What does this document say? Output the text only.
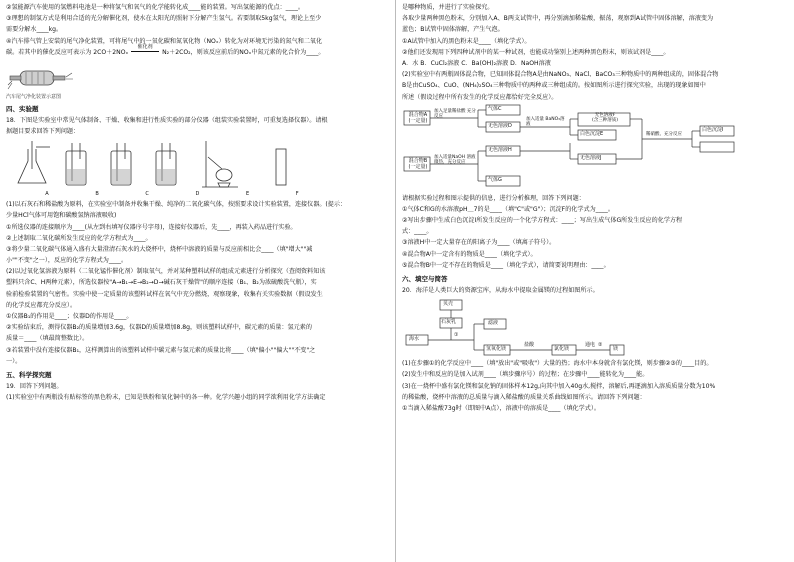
②氢能源汽车使用的氢燃料电池是一种将氢气和氧气的化学能转化成____能的装置。写出氢能源的优点：____。
③理想的制氢方式是利用合适的光分解催化剂，使水在太阳光的照射下分解产生氢气。若要制取5kg氢气，理论上至少
需要分解水____kg。
④汽车排气管上安装的尾气净化装置，可将尾气中的一氧化碳和氮氧化物（NOₓ）转化为对环境无污染的氮气和二氧化
碳。若其中的催化反应可表示为 2CO＋2NOₓ
催化剂
N₂＋2CO₂，则该反应前后的NOₓ中氮元素的化合价为____。
汽车尾气净化装置示意图
四、实验题
18．下图是实验室中常见气体制备、干燥、收集和进行性质实验的部分仪器（组装实验装置时，可重复选择仪器）。请根
据题目要求回答下列问题：
A	B	C	D	E	F
(1)以石灰石和稀盐酸为原料，在实验室中制备并收集干燥、纯净的二氧化碳气体，按照要求设计实验装置，连接仪器。(提示：
少量HCl气体可用饱和碳酸氢钠溶液吸收)
①所选仪器的连接顺序为____(从左到右填写仪器序号字母)，连接好仪器后，先____，再装入药品进行实验。
②上述制取二氧化碳所发生反应的化学方程式为____。
③将少量二氧化碳气体通入盛有大量澄清石灰水的大烧杯中，烧杯中溶液的质量与反应前相比会____（填"增大""减
小""不变"之一），反应的化学方程式为____。
(2)以过氧化氢溶液为原料（二氧化锰作催化剂）制取氧气，并对某种塑料试样的组成元素进行分析探究（查阅资料知该
塑料只含C、H两种元素），所选仪器按"A→B₁→E→B₂→D→碱石灰干燥管"的顺序连接（B₁、B₂为浓硫酸洗气瓶），实
验前检验装置的气密性。实验中使一定质量的该塑料试样在氧气中充分燃烧，观察现象，收集有关实验数据（假设发生
的化学反应都充分反应）。
①仪器B₁的作用是____；仪器D的作用是____。
②实验结束后，测得仪器B₂的质量增加3.6g，仪器D的质量增加8.8g，则该塑料试样中，碳元素的质量：氢元素的
质量＝____（填最简整数比）。
③若装置中没有连接仪器B₁，这样测算出的该塑料试样中碳元素与氢元素的质量比将____（填"偏小""偏大""不变"之
一）。
五、科学探究题
19．回答下列问题。
(1)实验室中有两瓶没有贴标签的黑色粉末，已知是铁粉和氧化铜中的各一种。化学兴趣小组的同学欲利用化学方法确定
是哪种物质，并进行了实验探究。
各取少量两种黑色粉末，分别加入A、B两支试管中，再分别滴加稀盐酸，振荡，观察到A试管中固体溶解，溶液变为
蓝色；B试管中固体溶解，产生气泡。
①A试管中加入的黑色粉末是____（填化学式）。
②他们还发现用下列四种试剂中的某一种试剂，也能成功鉴别上述两种黑色粉末，则该试剂是____。
A．水 B．CuCl₂溶液 C．Ba(OH)₂溶液 D．NaOH溶液
(2)实验室中有两瓶固体混合物，已知固体混合物A是由NaNO₃、NaCl、BaCO₃三种物质中的两种组成的，固体混合物
B是由CuSO₄、CuO、(NH₄)₂SO₄三种物质中的两种或三种组成的。按如图所示进行探究实验，出现的现象如图中
所述（假设过程中所有发生的化学反应都恰好完全反应）。
混合物A
(一定量)
加入足量稀盐酸 充分反应
气体C
无色溶液D
加入适量 BaNO₃溶液
无色溶液F
(含三种溶质)
白色沉淀E
混合物B
(一定量)
加入适量NaOH 溶液 微热，充分反应
无色溶液H
气体G
无色溶液J
稀硝酸、充分反应
白色沉淀I
请根据实验过程和图示提供的信息，进行分析推理，回答下列问题：
①气体C和G的水溶液pH＿7的是____（填"C"或"G"）；沉淀F的化学式为____。
②写出步骤中生成白色沉淀I所发生反应的一个化学方程式：____；写出生成气体G所发生反应的化学方程
式：____。
③溶液H中一定大量存在的阳离子为____（填离子符号）。
④混合物A中一定含有的物质是____（填化学式）。
⑤混合物B中一定不存在的物质是____（填化学式），请简要说明理由：____。
六、填空与简答
20．海洋是人类巨大的资源宝库，从海水中提取金属镁的过程如图所示。
贝壳
石灰乳
海水
①
滤液
氢氧化镁
盐酸
氯化镁
通电 ②
镁
(1)在步骤①的化学反应中____（填"放出"或"吸收"）大量的热；海水中本身就含有氯化镁，则步骤②③的____目的。
(2)发生中和反应的是加入试剂____（填步骤序号）的过程；在步骤中____能转化为____能。
(3)在一烧杯中盛有氯化镁和氯化钠的固体样本12g,向其中加入40g水,搅拌，溶解后,再逐滴加入溶质质量分数为10%
的稀盐酸，烧杯中溶液的总质量与滴入稀盐酸的质量关系曲线如图所示。请回答下列问题：
①当滴入稀盐酸73g时（即图中A点），溶液中的溶质是____（填化学式）。
